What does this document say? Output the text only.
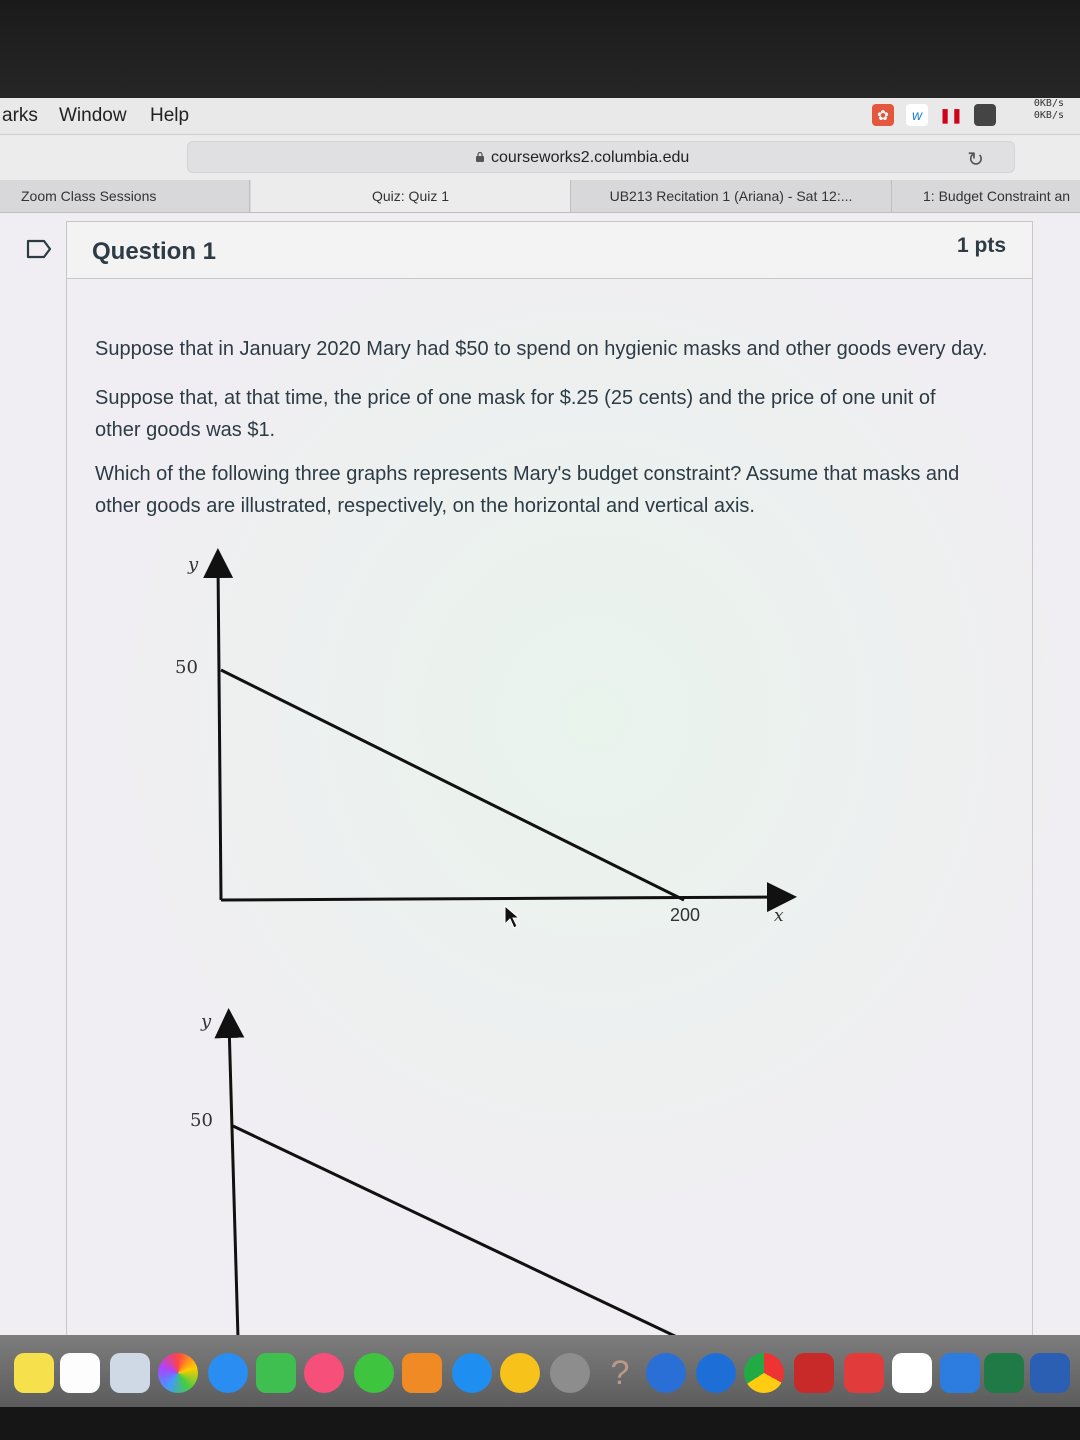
arks Window Help	✿	w	❚❚
0KB/s
0KB/s
courseworks2.columbia.edu	↻
Zoom Class Sessions	Quiz: Quiz 1	UB213 Recitation 1 (Ariana) - Sat 12:...	1: Budget Constraint an
Question 1	1 pts
Suppose that in January 2020 Mary had $50 to spend on hygienic masks and other goods every day.
Suppose that, at that time, the price of one mask for $.25 (25 cents) and the price of one unit of other goods was $1.
Which of the following three graphs represents Mary's budget constraint? Assume that masks and other goods are illustrated, respectively, on the horizontal and vertical axis.
y
50
200	x
y
50
?
